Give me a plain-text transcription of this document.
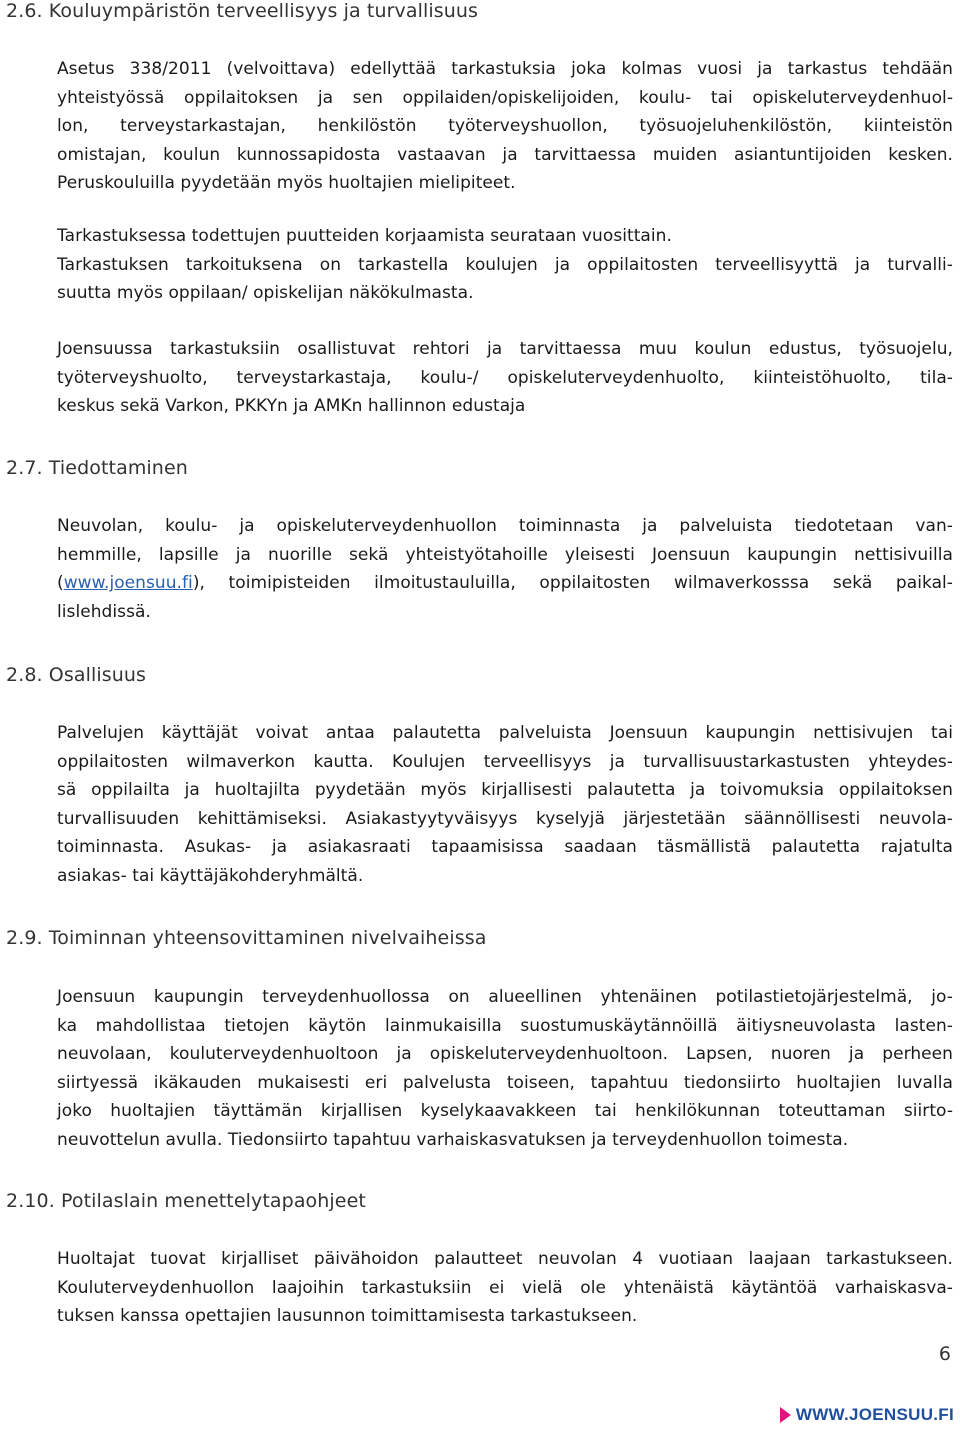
2.6. Kouluympäristön terveellisyys ja turvallisuus
Asetus 338/2011 (velvoittava) edellyttää tarkastuksia joka kolmas vuosi ja tarkastus tehdään
yhteistyössä oppilaitoksen ja sen oppilaiden/opiskelijoiden, koulu- tai opiskeluterveydenhuol-
lon, terveystarkastajan, henkilöstön työterveyshuollon, työsuojeluhenkilöstön, kiinteistön
omistajan, koulun kunnossapidosta vastaavan ja tarvittaessa muiden asiantuntijoiden kesken.
Peruskouluilla pyydetään myös huoltajien mielipiteet.
Tarkastuksessa todettujen puutteiden korjaamista seurataan vuosittain.
Tarkastuksen tarkoituksena on tarkastella koulujen ja oppilaitosten terveellisyyttä ja turvalli-
suutta myös oppilaan/ opiskelijan näkökulmasta.
Joensuussa tarkastuksiin osallistuvat rehtori ja tarvittaessa muu koulun edustus, työsuojelu,
työterveyshuolto, terveystarkastaja, koulu-/ opiskeluterveydenhuolto, kiinteistöhuolto, tila-
keskus sekä Varkon, PKKYn ja AMKn hallinnon edustaja
2.7. Tiedottaminen
Neuvolan, koulu- ja opiskeluterveydenhuollon toiminnasta ja palveluista tiedotetaan van-
hemmille, lapsille ja nuorille sekä yhteistyötahoille yleisesti Joensuun kaupungin nettisivuilla
(www.joensuu.fi), toimipisteiden ilmoitustauluilla, oppilaitosten wilmaverkosssa sekä paikal-
lislehdissä.
2.8. Osallisuus
Palvelujen käyttäjät voivat antaa palautetta palveluista Joensuun kaupungin nettisivujen tai
oppilaitosten wilmaverkon kautta. Koulujen terveellisyys ja turvallisuustarkastusten yhteydes-
sä oppilailta ja huoltajilta pyydetään myös kirjallisesti palautetta ja toivomuksia oppilaitoksen
turvallisuuden kehittämiseksi. Asiakastyytyväisyys kyselyjä järjestetään säännöllisesti neuvola-
toiminnasta. Asukas- ja asiakasraati tapaamisissa saadaan täsmällistä palautetta rajatulta
asiakas- tai käyttäjäkohderyhmältä.
2.9. Toiminnan yhteensovittaminen nivelvaiheissa
Joensuun kaupungin terveydenhuollossa on alueellinen yhtenäinen potilastietojärjestelmä, jo-
ka mahdollistaa tietojen käytön lainmukaisilla suostumuskäytännöillä äitiysneuvolasta lasten-
neuvolaan, kouluterveydenhuoltoon ja opiskeluterveydenhuoltoon. Lapsen, nuoren ja perheen
siirtyessä ikäkauden mukaisesti eri palvelusta toiseen, tapahtuu tiedonsiirto huoltajien luvalla
joko huoltajien täyttämän kirjallisen kyselykaavakkeen tai henkilökunnan toteuttaman siirto-
neuvottelun avulla. Tiedonsiirto tapahtuu varhaiskasvatuksen ja terveydenhuollon toimesta.
2.10. Potilaslain menettelytapaohjeet
Huoltajat tuovat kirjalliset päivähoidon palautteet neuvolan 4 vuotiaan laajaan tarkastukseen.
Kouluterveydenhuollon laajoihin tarkastuksiin ei vielä ole yhtenäistä käytäntöä varhaiskasva-
tuksen kanssa opettajien lausunnon toimittamisesta tarkastukseen.

6

WWW.JOENSUU.FI
